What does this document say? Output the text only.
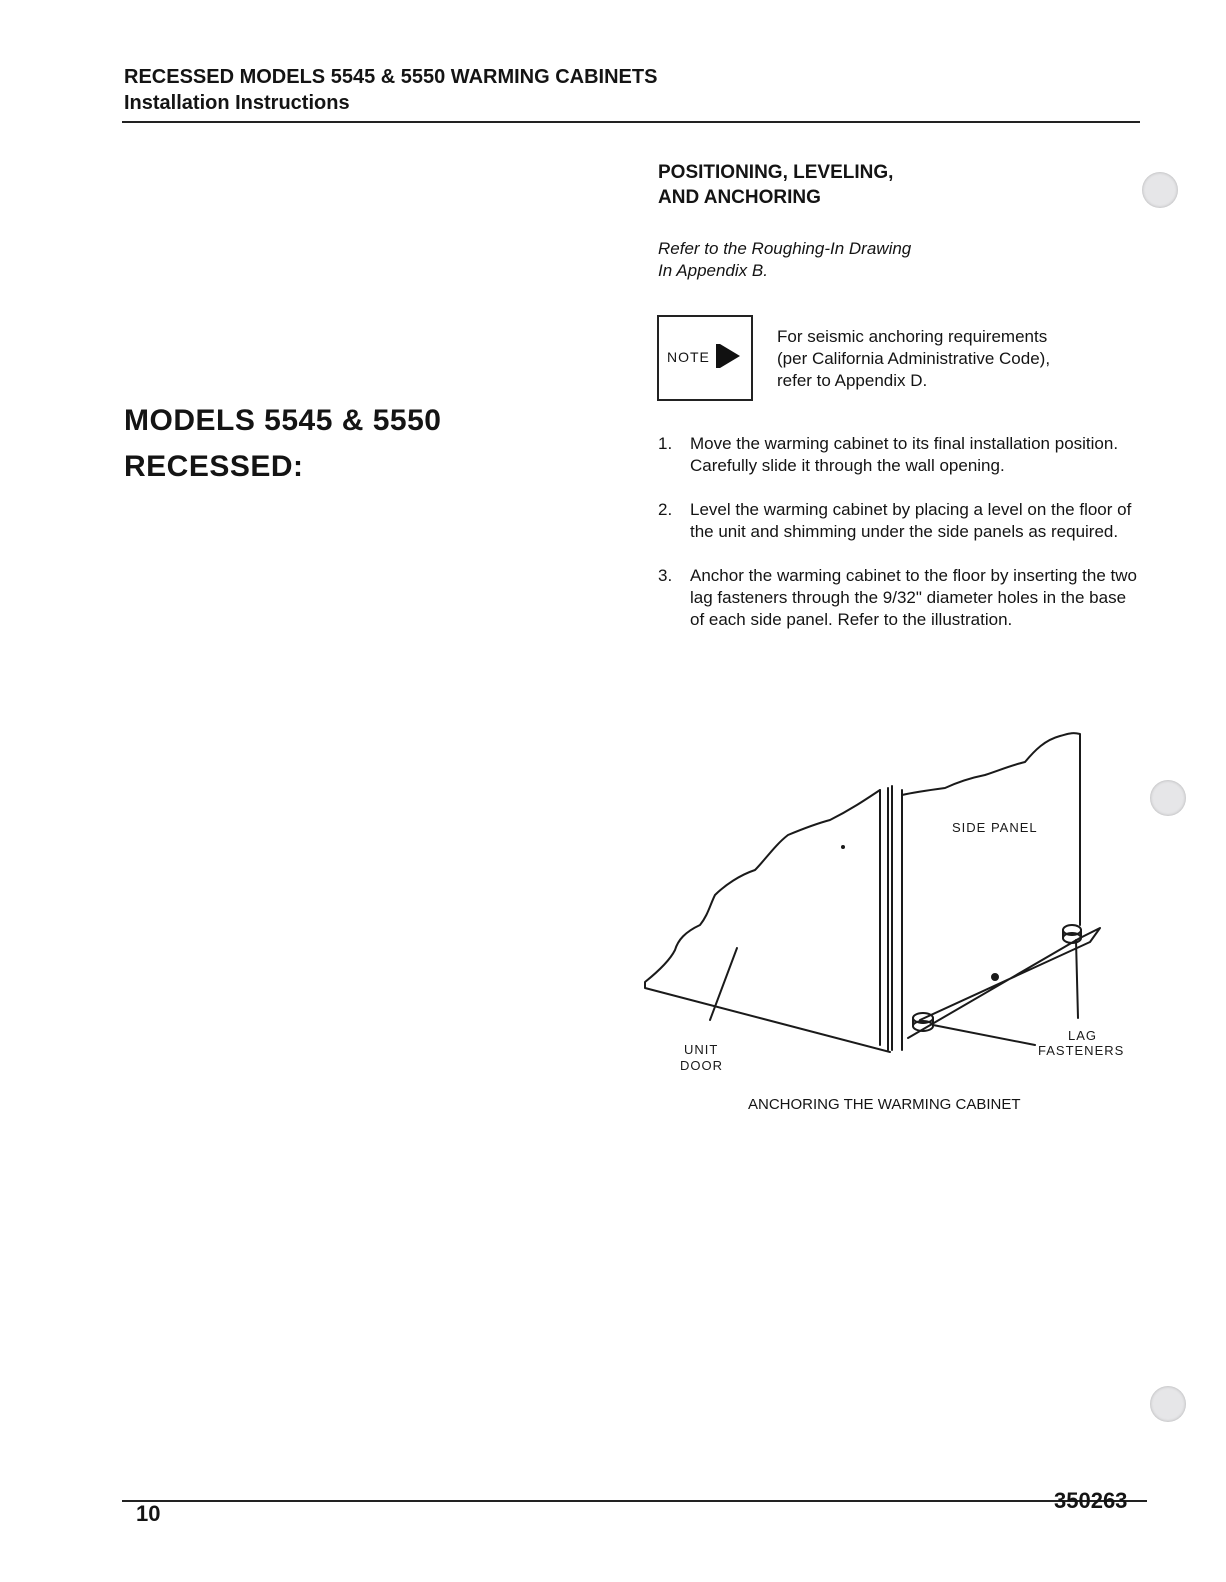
RECESSED MODELS 5545 & 5550 WARMING CABINETS
Installation Instructions
MODELS 5545 & 5550
RECESSED:
POSITIONING, LEVELING,
AND ANCHORING
Refer to the Roughing-In Drawing
In Appendix B.
NOTE
For seismic anchoring requirements
(per California Administrative Code),
refer to Appendix D.
1. Move the warming cabinet to its final installation position. Carefully slide it through the wall opening.
2. Level the warming cabinet by placing a level on the floor of the unit and shimming under the side panels as required.
3. Anchor the warming cabinet to the floor by inserting the two lag fasteners through the 9/32" diameter holes in the base of each side panel. Refer to the illustration.
SIDE PANEL
LAG
FASTENERS
UNIT
DOOR
ANCHORING THE WARMING CABINET
10
350263
